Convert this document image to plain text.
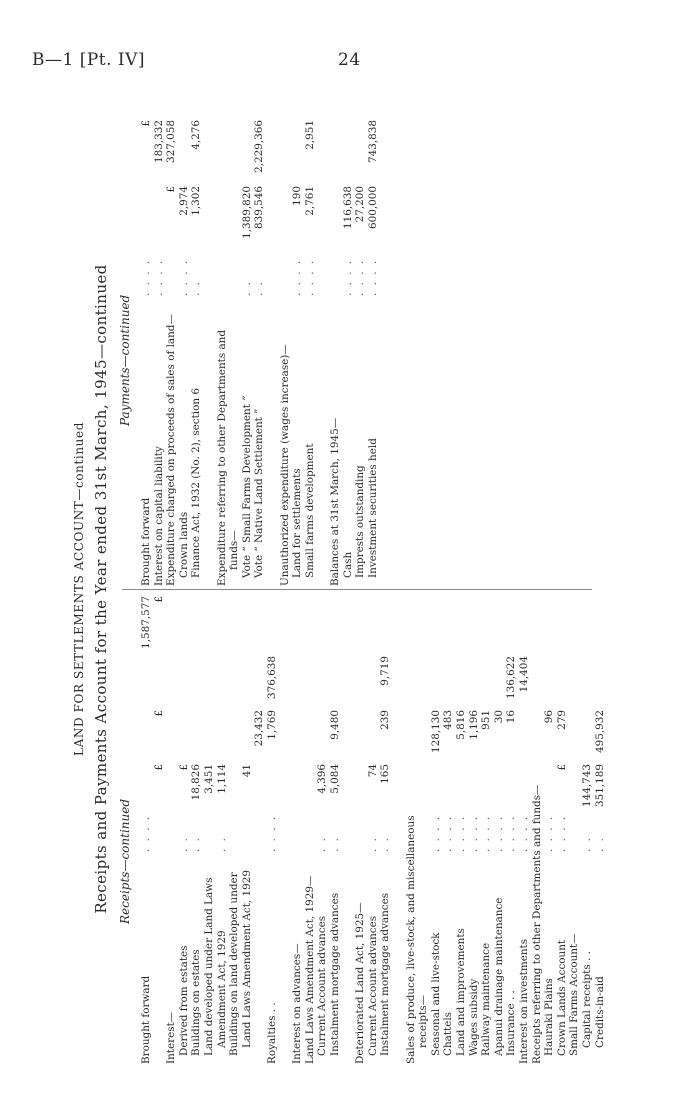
B—1 [Pt. IV]	24
LAND FOR SETTLEMENTS ACCOUNT—continued Receipts and Payments Account for the Year ended 31st March, 1945—continued Receipts—continued
Brought forward
. . . .
1,587,577
£
£
£
Interest— Derived from estates
. .
£
Buildings on estates
. .
18,826
Land developed under Land Laws
3,451
Amendment Act, 1929
. .
1,114
Buildings on land developed under Land Laws Amendment Act, 1929
41
23,432
Royalties . .
. . . .
1,769
376,638
Interest on advances— Land Laws Amendment Act, 1929— Current Account advances
. .
4,396
Instalment mortgage advances
. .
5,084
9,480
Deteriorated Land Act, 1925— Current Account advances
. .
74
Instalment mortgage advances
. .
165
239
9,719
Sales of produce, live-stock, and miscellaneous receipts— Seasonal and live-stock
. . . .
128,130
Chattels
. . . .
483
Land and improvements
. . . .
5,816
Wages subsidy
. . . .
1,196
Railway maintenance
. . . .
951
Apanui drainage maintenance
. . . .
30
Insurance . .
. . . .
16
136,622
Interest on investments
. . . .
14,404
Receipts referring to other Departments and funds— Hauraki Plains
. . . .
96
Crown Lands Account
. . . .
£
279
Small Farms Account— Capital receipts . .
. .
144,743
Credits-in-aid
. .
351,189
495,932
Payments—continued
Brought forward
. . . .
£
Interest on capital liability
. . . .
183,332
Expenditure charged on proceeds of sales of land—
£
327,058
Crown lands
. . . .
2,974
Finance Act, 1932 (No. 2), section 6
. .
1,302
4,276
Expenditure referring to other Departments and funds— Vote “ Small Farms Development ”
. .
1,389,820
Vote “ Native Land Settlement ”
. .
839,546
2,229,366
Unauthorized expenditure (wages increase)— Land for settlements
. . . .
190
Small farms development
. . . .
2,761
2,951
Balances at 31st March, 1945— Cash
. . . .
116,638
Imprests outstanding
. . . .
27,200
Investment securities held
. . . .
600,000
743,838
